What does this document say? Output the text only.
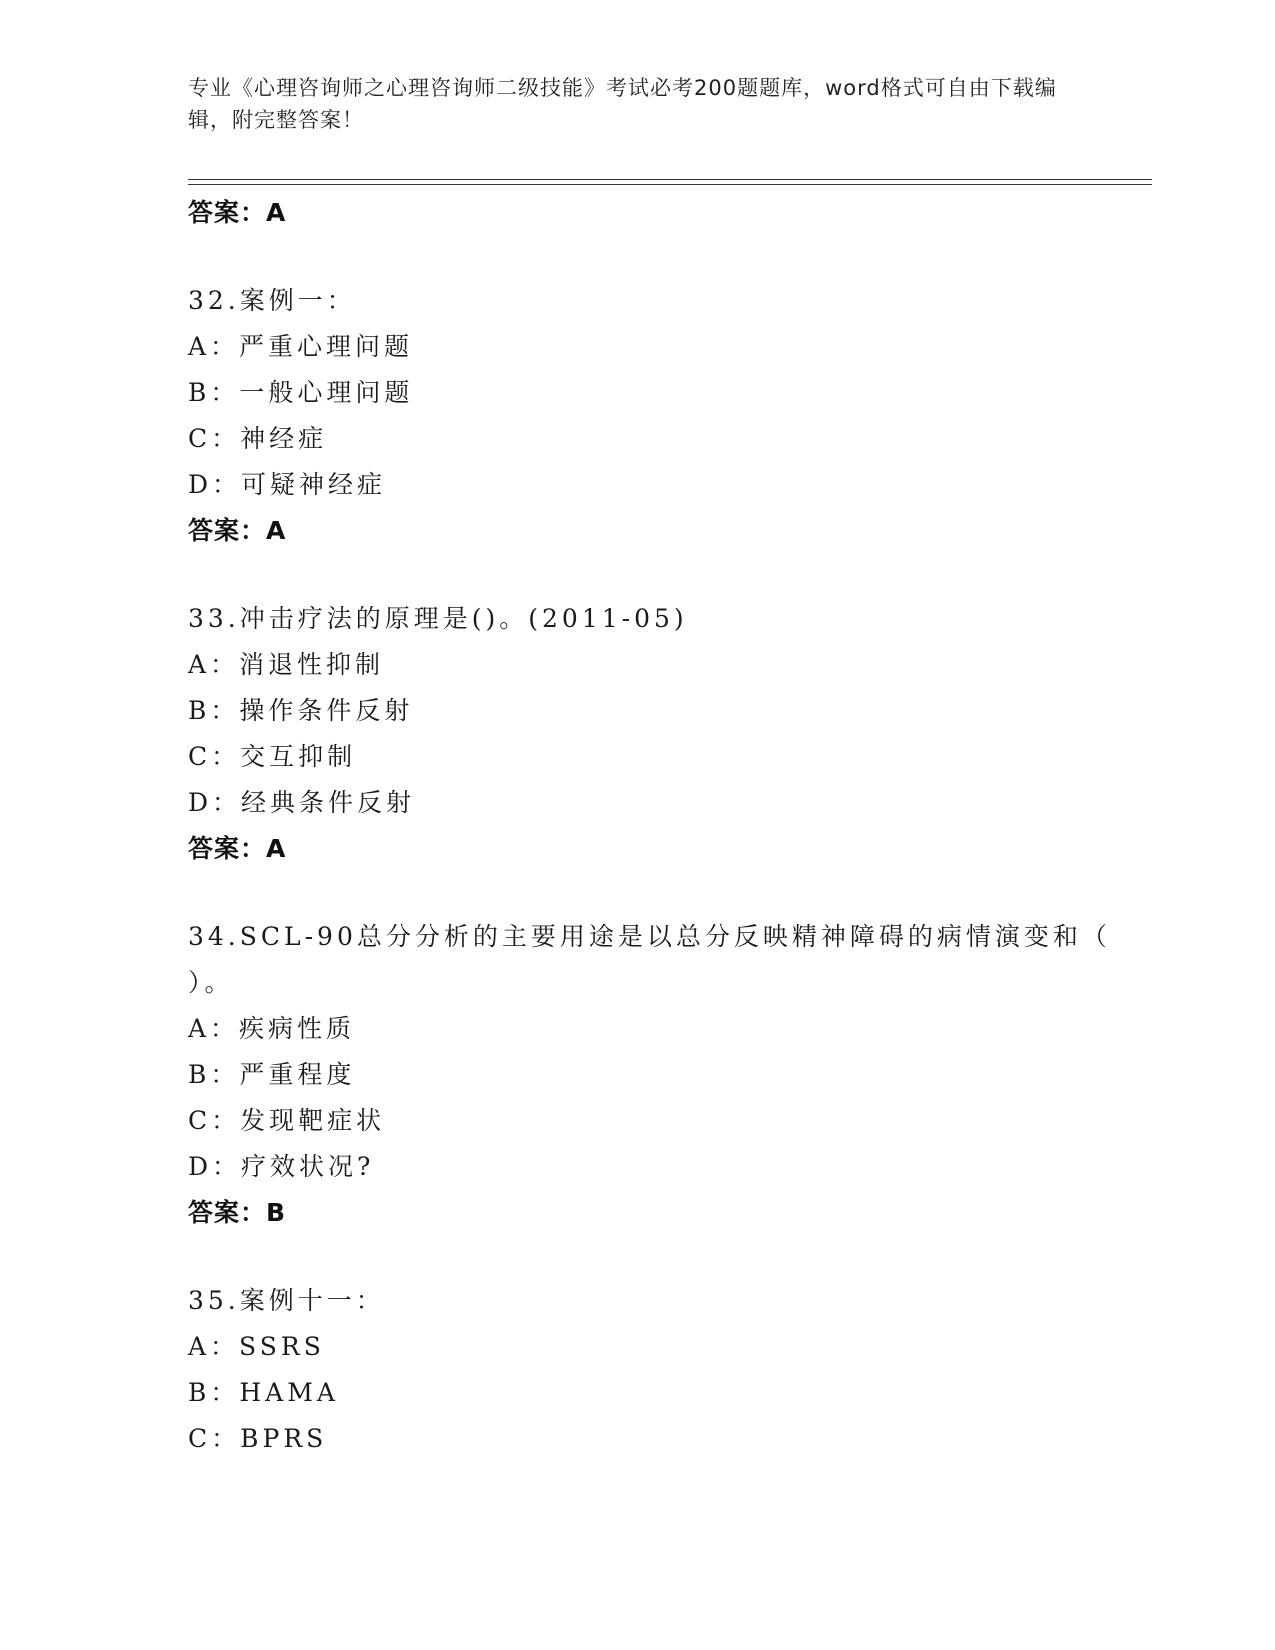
专业《心理咨询师之心理咨询师二级技能》考试必考200题题库，word格式可自由下载编辑，附完整答案！
答案：A
32.案例一：
A：严重心理问题
B：一般心理问题
C：神经症
D：可疑神经症
答案：A
33.冲击疗法的原理是()。(2011-05)
A：消退性抑制
B：操作条件反射
C：交互抑制
D：经典条件反射
答案：A
34.SCL-90总分分析的主要用途是以总分反映精神障碍的病情演变和（
）。
A：疾病性质
B：严重程度
C：发现靶症状
D：疗效状况?
答案：B
35.案例十一：
A：SSRS
B：HAMA
C：BPRS
